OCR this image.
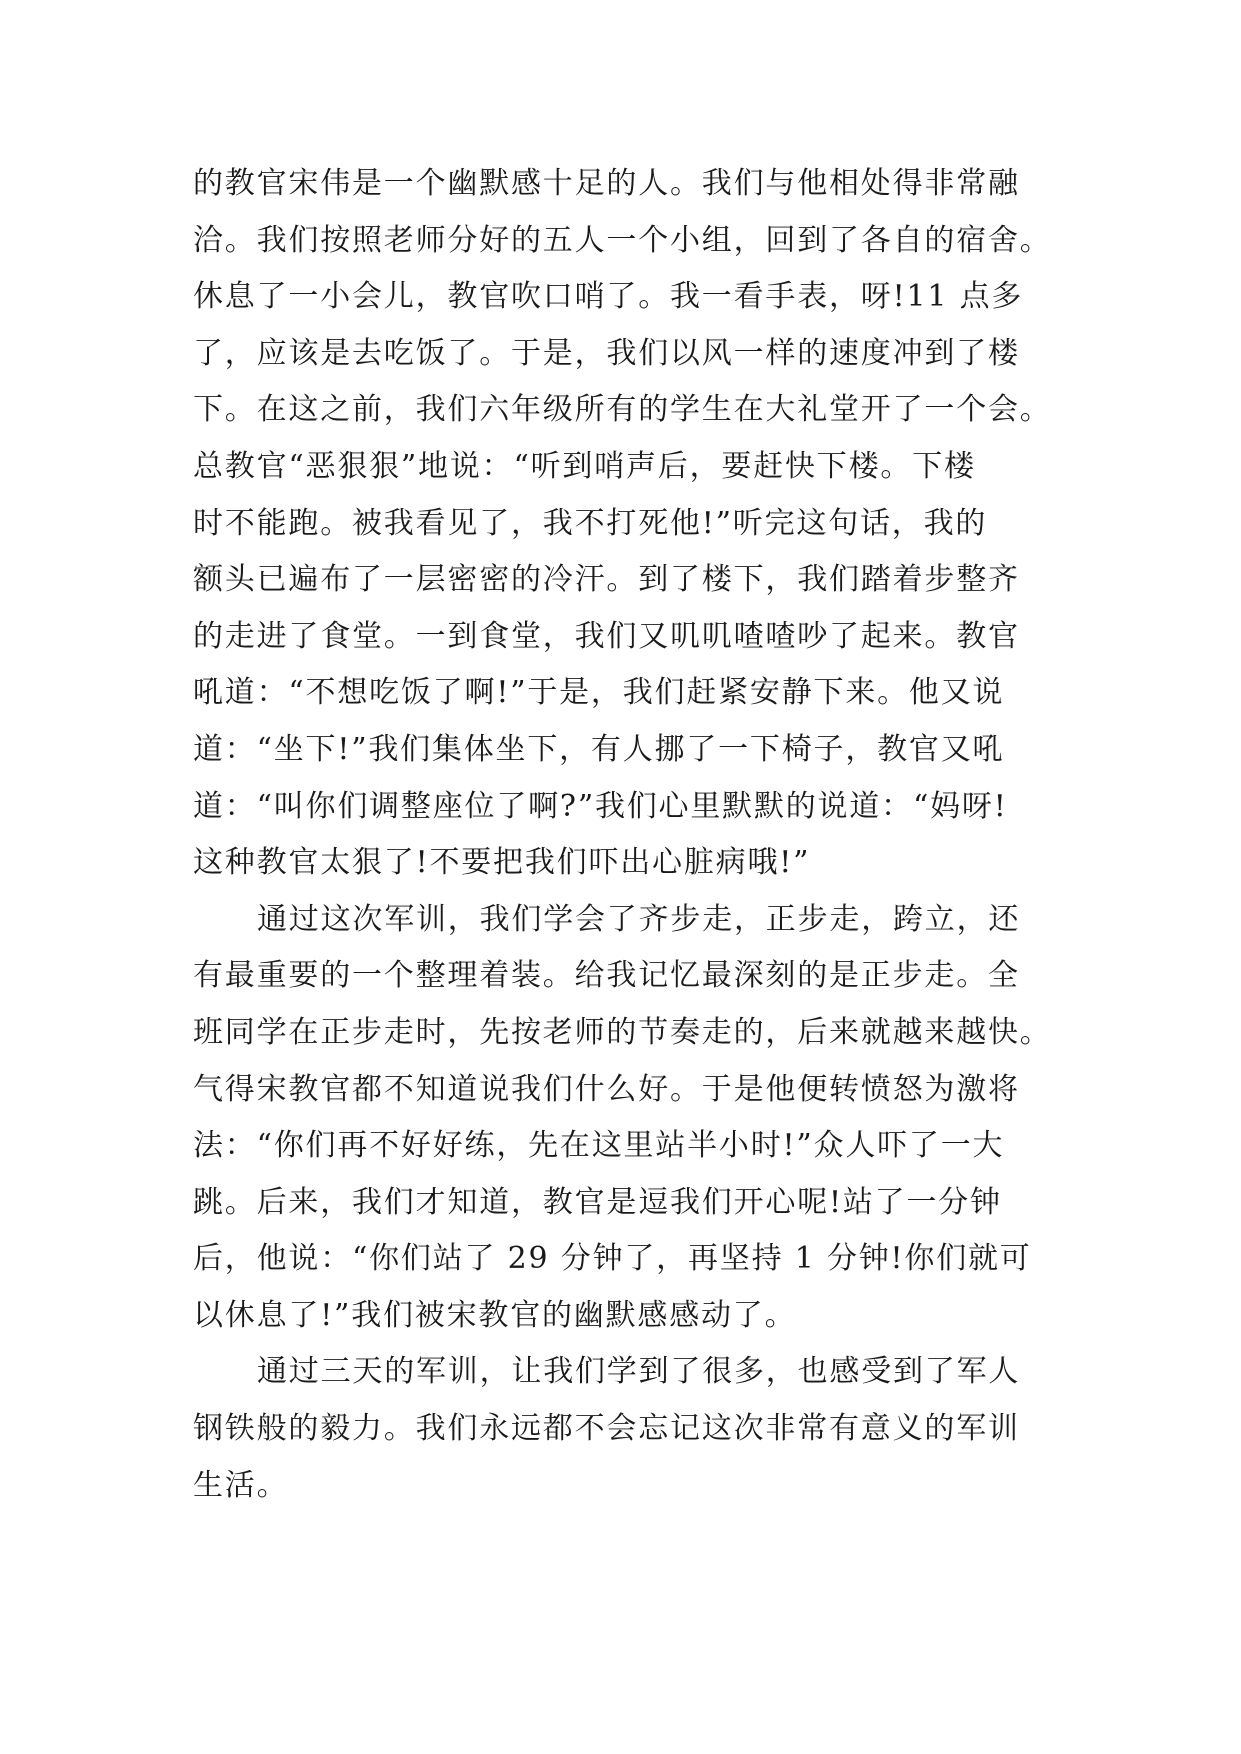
的教官宋伟是一个幽默感十足的人。我们与他相处得非常融
洽。我们按照老师分好的五人一个小组，回到了各自的宿舍。
休息了一小会儿，教官吹口哨了。我一看手表，呀!11 点多
了，应该是去吃饭了。于是，我们以风一样的速度冲到了楼
下。在这之前，我们六年级所有的学生在大礼堂开了一个会。
总教官“恶狠狠”地说：“听到哨声后，要赶快下楼。下楼
时不能跑。被我看见了，我不打死他!”听完这句话，我的
额头已遍布了一层密密的冷汗。到了楼下，我们踏着步整齐
的走进了食堂。一到食堂，我们又叽叽喳喳吵了起来。教官
吼道：“不想吃饭了啊!”于是，我们赶紧安静下来。他又说
道：“坐下!”我们集体坐下，有人挪了一下椅子，教官又吼
道：“叫你们调整座位了啊?”我们心里默默的说道：“妈呀!
这种教官太狠了!不要把我们吓出心脏病哦!”

通过这次军训，我们学会了齐步走，正步走，跨立，还
有最重要的一个整理着装。给我记忆最深刻的是正步走。全
班同学在正步走时，先按老师的节奏走的，后来就越来越快。
气得宋教官都不知道说我们什么好。于是他便转愤怒为激将
法：“你们再不好好练，先在这里站半小时!”众人吓了一大
跳。后来，我们才知道，教官是逗我们开心呢!站了一分钟
后，他说：“你们站了 29 分钟了，再坚持 1 分钟!你们就可
以休息了!”我们被宋教官的幽默感感动了。

通过三天的军训，让我们学到了很多，也感受到了军人
钢铁般的毅力。我们永远都不会忘记这次非常有意义的军训
生活。
